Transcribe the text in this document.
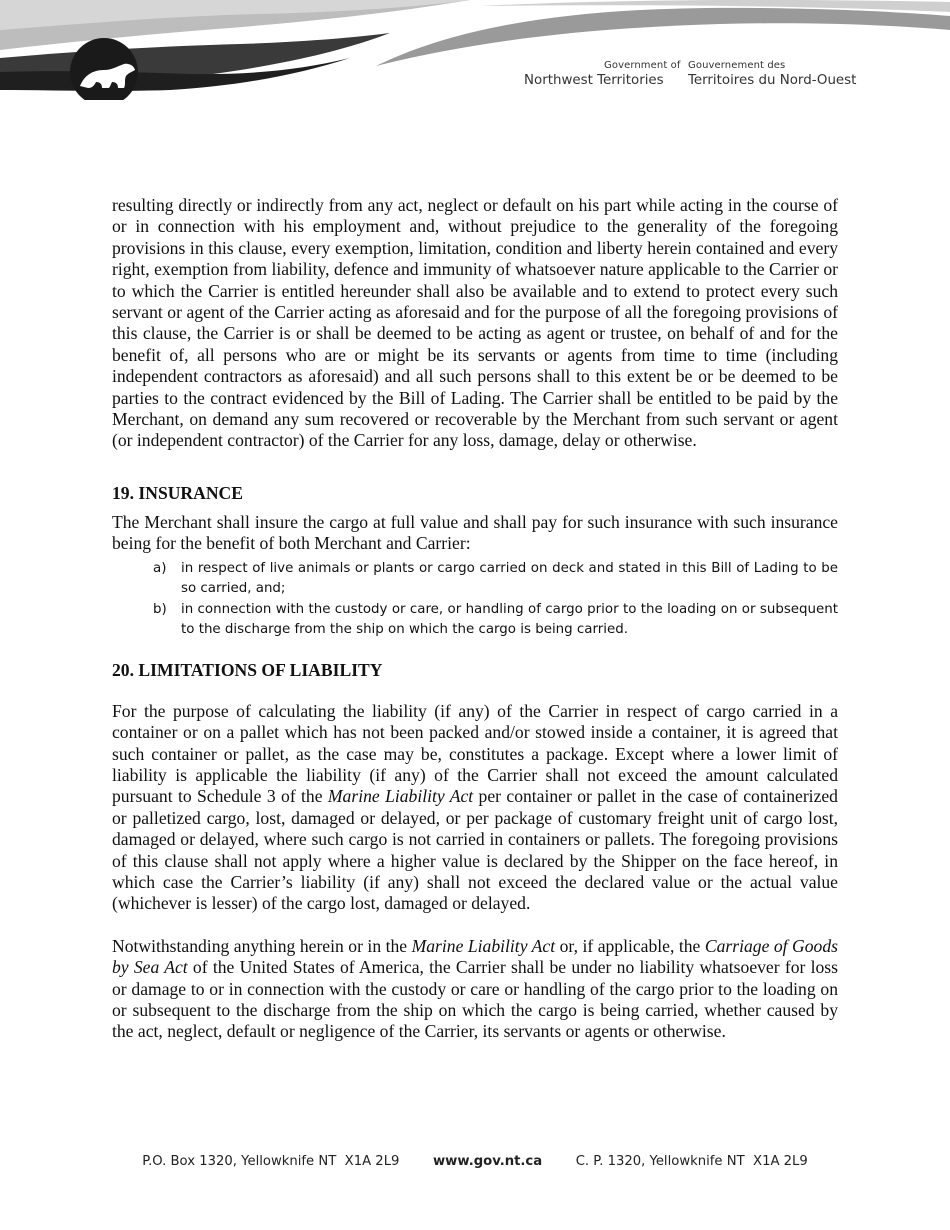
Government of
Northwest Territories
Gouvernement des
Territoires du Nord-Ouest

resulting directly or indirectly from any act, neglect or default on his part while acting in the course of or in connection with his employment and, without prejudice to the generality of the foregoing provisions in this clause, every exemption, limitation, condition and liberty herein contained and every right, exemption from liability, defence and immunity of whatsoever nature applicable to the Carrier or to which the Carrier is entitled hereunder shall also be available and to extend to protect every such servant or agent of the Carrier acting as aforesaid and for the purpose of all the foregoing provisions of this clause, the Carrier is or shall be deemed to be acting as agent or trustee, on behalf of and for the benefit of, all persons who are or might be its servants or agents from time to time (including independent contractors as aforesaid) and all such persons shall to this extent be or be deemed to be parties to the contract evidenced by the Bill of Lading. The Carrier shall be entitled to be paid by the Merchant, on demand any sum recovered or recoverable by the Merchant from such servant or agent (or independent contractor) of the Carrier for any loss, damage, delay or otherwise.

19. INSURANCE

The Merchant shall insure the cargo at full value and shall pay for such insurance with such insurance being for the benefit of both Merchant and Carrier:

a) in respect of live animals or plants or cargo carried on deck and stated in this Bill of Lading to be so carried, and;
b) in connection with the custody or care, or handling of cargo prior to the loading on or subsequent to the discharge from the ship on which the cargo is being carried.
20. LIMITATIONS OF LIABILITY

For the purpose of calculating the liability (if any) of the Carrier in respect of cargo carried in a container or on a pallet which has not been packed and/or stowed inside a container, it is agreed that such container or pallet, as the case may be, constitutes a package. Except where a lower limit of liability is applicable the liability (if any) of the Carrier shall not exceed the amount calculated pursuant to Schedule 3 of the Marine Liability Act per container or pallet in the case of containerized or palletized cargo, lost, damaged or delayed, or per package of customary freight unit of cargo lost, damaged or delayed, where such cargo is not carried in containers or pallets. The foregoing provisions of this clause shall not apply where a higher value is declared by the Shipper on the face hereof, in which case the Carrier’s liability (if any) shall not exceed the declared value or the actual value (whichever is lesser) of the cargo lost, damaged or delayed.

Notwithstanding anything herein or in the Marine Liability Act or, if applicable, the Carriage of Goods by Sea Act of the United States of America, the Carrier shall be under no liability whatsoever for loss or damage to or in connection with the custody or care or handling of the cargo prior to the loading on or subsequent to the discharge from the ship on which the cargo is being carried, whether caused by the act, neglect, default or negligence of the Carrier, its servants or agents or otherwise.

P.O. Box 1320, Yellowknife NT  X1A 2L9	www.gov.nt.ca	C. P. 1320, Yellowknife NT  X1A 2L9
